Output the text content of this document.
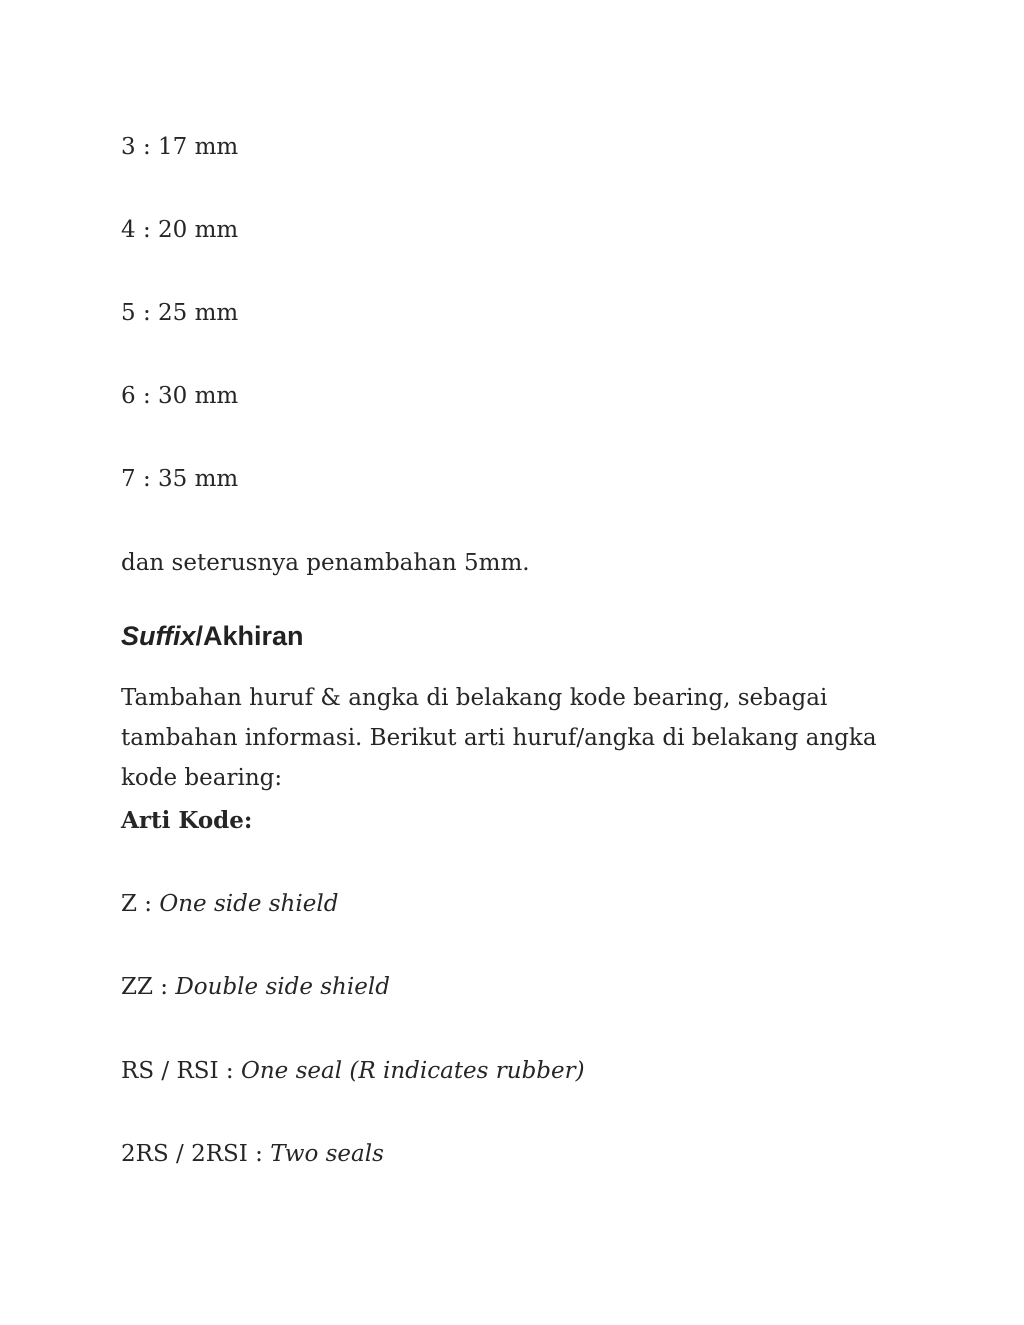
3 : 17 mm
4 : 20 mm
5 : 25 mm
6 : 30 mm
7 : 35 mm
dan seterusnya penambahan 5mm.
Suffix/Akhiran
Tambahan huruf & angka di belakang kode bearing, sebagai tambahan informasi. Berikut arti huruf/angka di belakang angka kode bearing:
Arti Kode:
Z : One side shield
ZZ : Double side shield
RS / RSI : One seal (R indicates rubber)
2RS / 2RSI : Two seals
